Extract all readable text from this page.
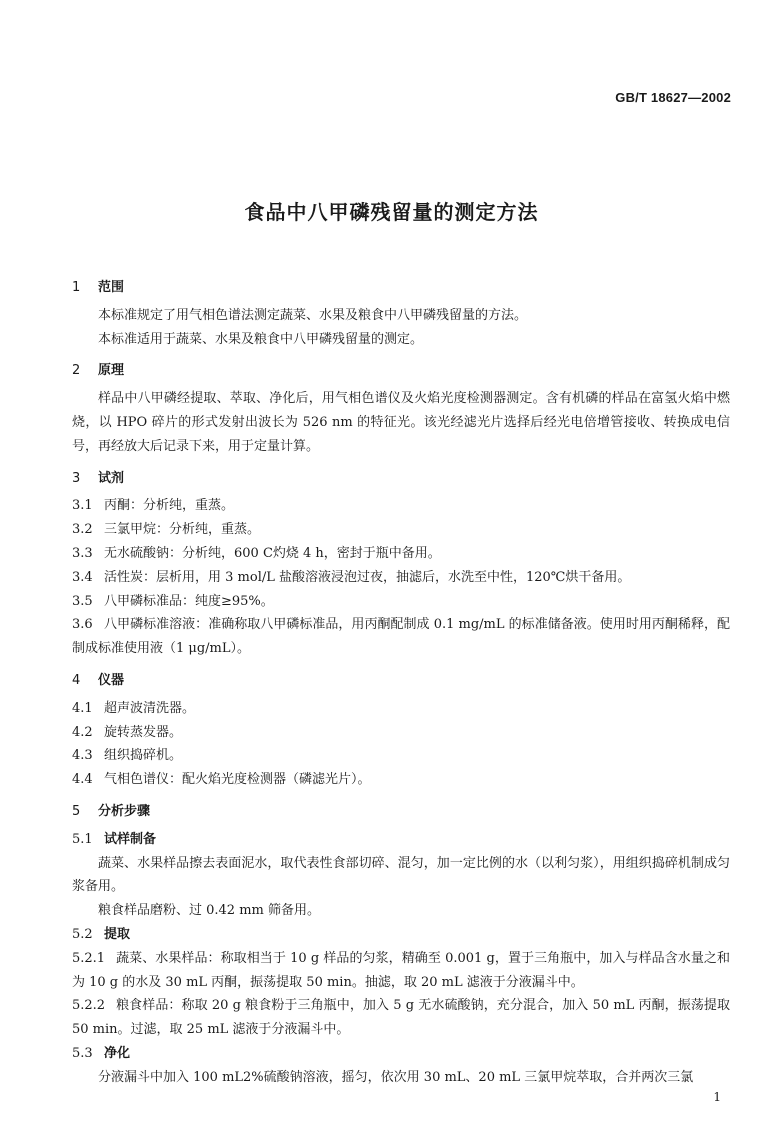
GB/T 18627—2002
食品中八甲磷残留量的测定方法

1 范围

本标准规定了用气相色谱法测定蔬菜、水果及粮食中八甲磷残留量的方法。

本标准适用于蔬菜、水果及粮食中八甲磷残留量的测定。

2 原理

样品中八甲磷经提取、萃取、净化后，用气相色谱仪及火焰光度检测器测定。含有机磷的样品在富氢火焰中燃烧，以 HPO 碎片的形式发射出波长为 526 nm 的特征光。该光经滤光片选择后经光电倍增管接收、转换成电信号，再经放大后记录下来，用于定量计算。

3 试剂

3.1 丙酮：分析纯，重蒸。

3.2 三氯甲烷：分析纯，重蒸。

3.3 无水硫酸钠：分析纯，600 C灼烧 4 h，密封于瓶中备用。

3.4 活性炭：层析用，用 3 mol/L 盐酸溶液浸泡过夜，抽滤后，水洗至中性，120℃烘干备用。

3.5 八甲磷标准品：纯度≥95%。

3.6 八甲磷标准溶液：准确称取八甲磷标准品，用丙酮配制成 0.1 mg/mL 的标准储备液。使用时用丙酮稀释，配制成标准使用液（1 μg/mL）。

4 仪器

4.1 超声波清洗器。

4.2 旋转蒸发器。

4.3 组织捣碎机。

4.4 气相色谱仪：配火焰光度检测器（磷滤光片）。

5 分析步骤

5.1 试样制备

蔬菜、水果样品擦去表面泥水，取代表性食部切碎、混匀，加一定比例的水（以利匀浆），用组织捣碎机制成匀浆备用。

粮食样品磨粉、过 0.42 mm 筛备用。

5.2 提取

5.2.1 蔬菜、水果样品：称取相当于 10 g 样品的匀浆，精确至 0.001 g，置于三角瓶中，加入与样品含水量之和为 10 g 的水及 30 mL 丙酮，振荡提取 50 min。抽滤，取 20 mL 滤液于分液漏斗中。

5.2.2 粮食样品：称取 20 g 粮食粉于三角瓶中，加入 5 g 无水硫酸钠，充分混合，加入 50 mL 丙酮，振荡提取 50 min。过滤，取 25 mL 滤液于分液漏斗中。

5.3 净化

分液漏斗中加入 100 mL2%硫酸钠溶液，摇匀，依次用 30 mL、20 mL 三氯甲烷萃取，合并两次三氯

1
